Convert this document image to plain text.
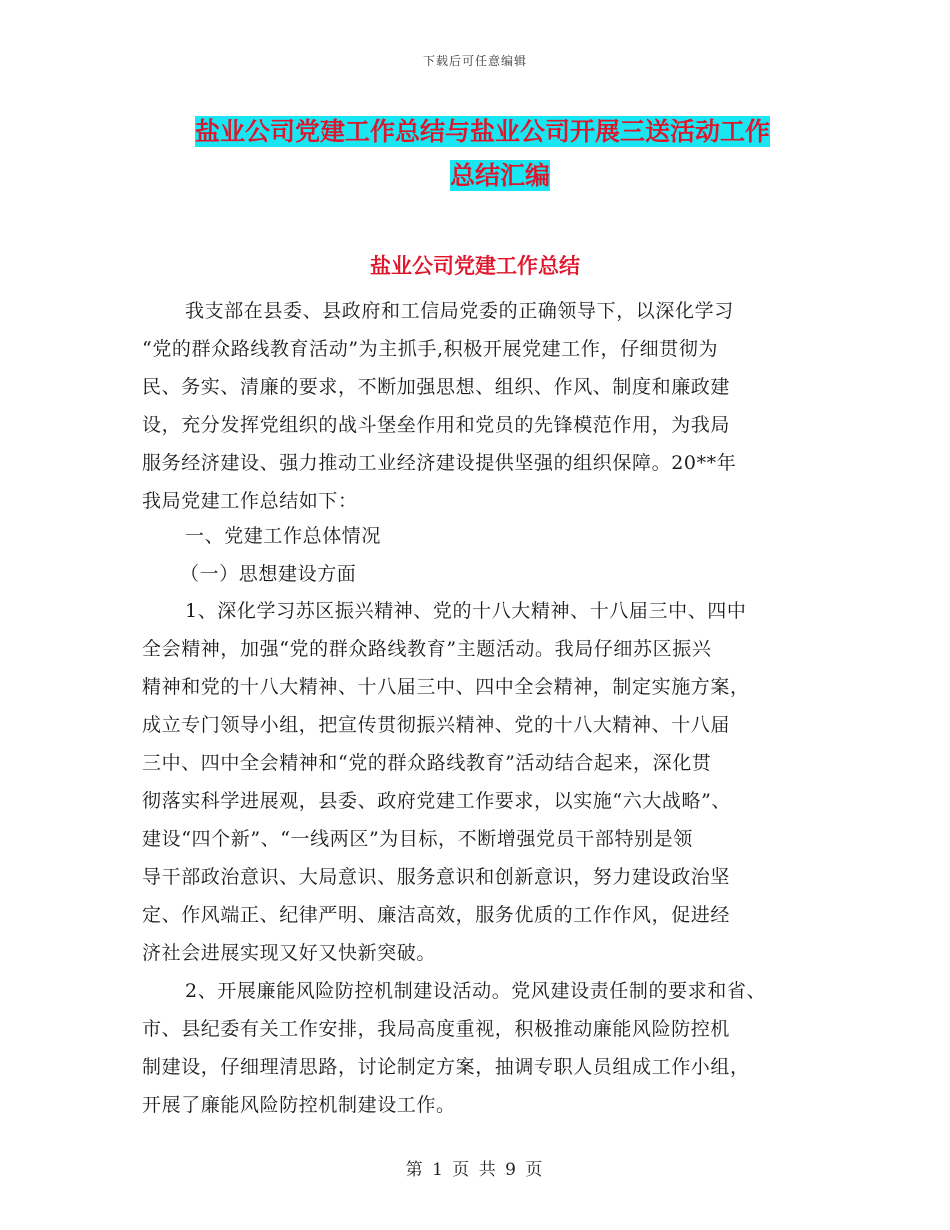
下载后可任意编辑
盐业公司党建工作总结与盐业公司开展三送活动工作
总结汇编
盐业公司党建工作总结
我支部在县委、县政府和工信局党委的正确领导下，以深化学习
“党的群众路线教育活动”为主抓手,积极开展党建工作，仔细贯彻为
民、务实、清廉的要求，不断加强思想、组织、作风、制度和廉政建
设，充分发挥党组织的战斗堡垒作用和党员的先锋模范作用，为我局
服务经济建设、强力推动工业经济建设提供坚强的组织保障。20**年
我局党建工作总结如下：
一、党建工作总体情况
（一）思想建设方面
1、深化学习苏区振兴精神、党的十八大精神、十八届三中、四中
全会精神，加强“党的群众路线教育”主题活动。我局仔细苏区振兴
精神和党的十八大精神、十八届三中、四中全会精神，制定实施方案，
成立专门领导小组，把宣传贯彻振兴精神、党的十八大精神、十八届
三中、四中全会精神和“党的群众路线教育”活动结合起来，深化贯
彻落实科学进展观，县委、政府党建工作要求，以实施“六大战略”、
建设“四个新”、“一线两区”为目标，不断增强党员干部特别是领
导干部政治意识、大局意识、服务意识和创新意识，努力建设政治坚
定、作风端正、纪律严明、廉洁高效，服务优质的工作作风，促进经
济社会进展实现又好又快新突破。
2、开展廉能风险防控机制建设活动。党风建设责任制的要求和省、
市、县纪委有关工作安排，我局高度重视，积极推动廉能风险防控机
制建设，仔细理清思路，讨论制定方案，抽调专职人员组成工作小组，
开展了廉能风险防控机制建设工作。
第 1 页 共 9 页
